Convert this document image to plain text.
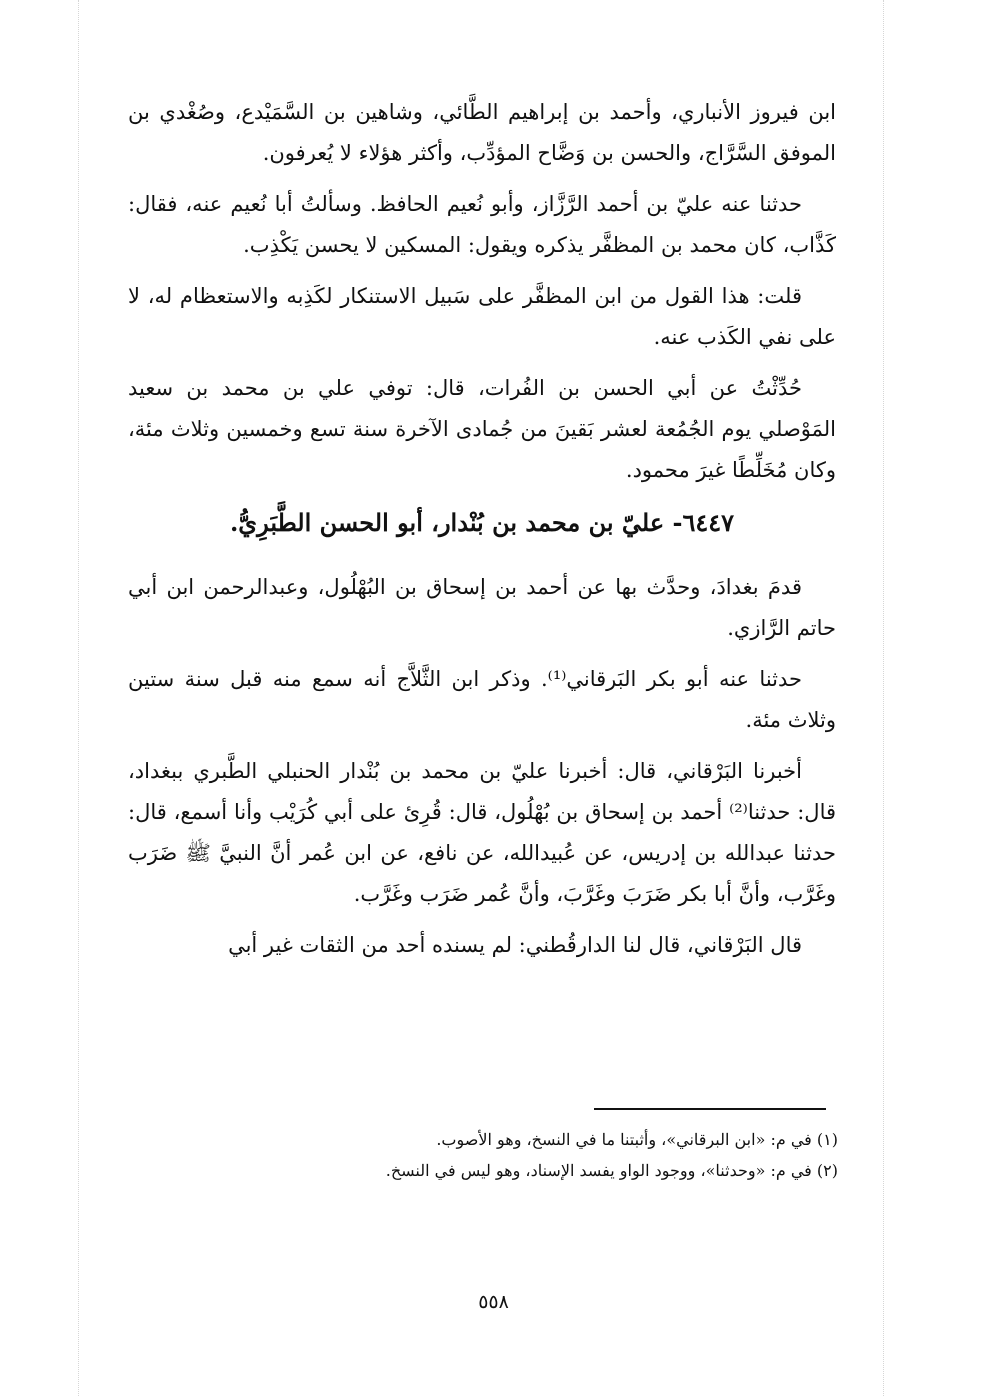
ابن فيروز الأنباري، وأحمد بن إبراهيم الطَّائي، وشاهين بن السَّمَيْدع، وصُغْدي بن الموفق السَّرَّاج، والحسن بن وَضَّاح المؤدِّب، وأكثر هؤلاء لا يُعرفون.

حدثنا عنه عليّ بن أحمد الرَّزَّاز، وأبو نُعيم الحافظ. وسألتُ أبا نُعيم عنه، فقال: كَذَّاب، كان محمد بن المظفَّر يذكره ويقول: المسكين لا يحسن يَكْذِب.

قلت: هذا القول من ابن المظفَّر على سَبيل الاستنكار لكَذِبه والاستعظام له، لا على نفي الكَذب عنه.

حُدِّثْتُ عن أبي الحسن بن الفُرات، قال: توفي علي بن محمد بن سعيد المَوْصلي يوم الجُمُعة لعشر بَقينَ من جُمادى الآخرة سنة تسع وخمسين وثلاث مئة، وكان مُخَلِّطًا غيرَ محمود.

٦٤٤٧- عليّ بن محمد بن بُنْدار، أبو الحسن الطَّبَرِيُّ.

قدمَ بغدادَ، وحدَّث بها عن أحمد بن إسحاق بن البُهْلُول، وعبدالرحمن ابن أبي حاتم الرَّازي.

حدثنا عنه أبو بكر البَرقاني⁽¹⁾. وذكر ابن الثَّلاَّج أنه سمع منه قبل سنة ستين وثلاث مئة.

أخبرنا البَرْقاني، قال: أخبرنا عليّ بن محمد بن بُنْدار الحنبلي الطَّبري ببغداد، قال: حدثنا⁽²⁾ أحمد بن إسحاق بن بُهْلُول، قال: قُرِئ على أبي كُرَيْب وأنا أسمع، قال: حدثنا عبدالله بن إدريس، عن عُبيدالله، عن نافع، عن ابن عُمر أنَّ النبيَّ ﷺ ضَرَب وغَرَّب، وأنَّ أبا بكر ضَرَبَ وغَرَّبَ، وأنَّ عُمر ضَرَب وغَرَّب.

قال البَرْقاني، قال لنا الدارقُطني: لم يسنده أحد من الثقات غير أبي

(١) في م: «ابن البرقاني»، وأثبتنا ما في النسخ، وهو الأصوب.

(٢) في م: «وحدثنا»، ووجود الواو يفسد الإسناد، وهو ليس في النسخ.

٥٥٨
